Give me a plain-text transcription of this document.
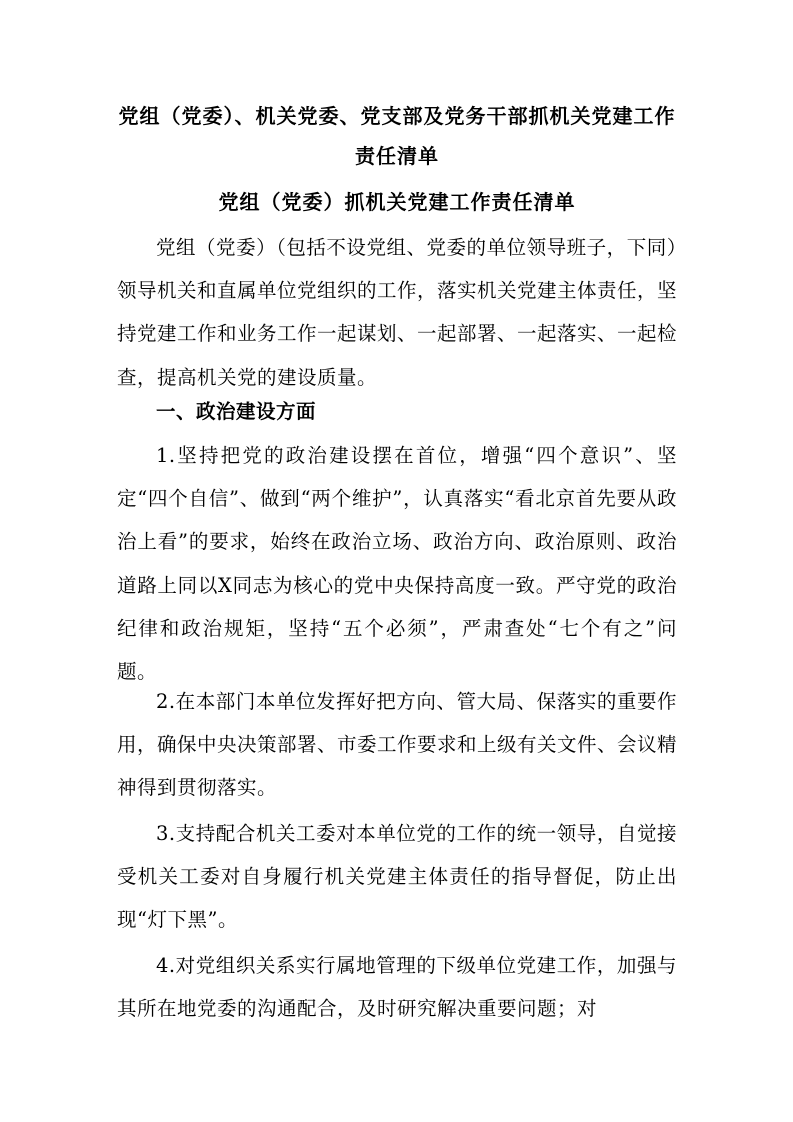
党组（党委）、机关党委、党支部及党务干部抓机关党建工作责任清单
党组（党委）抓机关党建工作责任清单

党组（党委）（包括不设党组、党委的单位领导班子，下同）领导机关和直属单位党组织的工作，落实机关党建主体责任，坚持党建工作和业务工作一起谋划、一起部署、一起落实、一起检查，提高机关党的建设质量。

一、政治建设方面

1.坚持把党的政治建设摆在首位，增强“四个意识”、坚定“四个自信”、做到“两个维护”，认真落实“看北京首先要从政治上看”的要求，始终在政治立场、政治方向、政治原则、政治道路上同以X同志为核心的党中央保持高度一致。严守党的政治纪律和政治规矩，坚持“五个必须”，严肃查处“七个有之”问题。

2.在本部门本单位发挥好把方向、管大局、保落实的重要作用，确保中央决策部署、市委工作要求和上级有关文件、会议精神得到贯彻落实。

3.支持配合机关工委对本单位党的工作的统一领导，自觉接受机关工委对自身履行机关党建主体责任的指导督促，防止出现“灯下黑”。

4.对党组织关系实行属地管理的下级单位党建工作，加强与其所在地党委的沟通配合，及时研究解决重要问题；对
